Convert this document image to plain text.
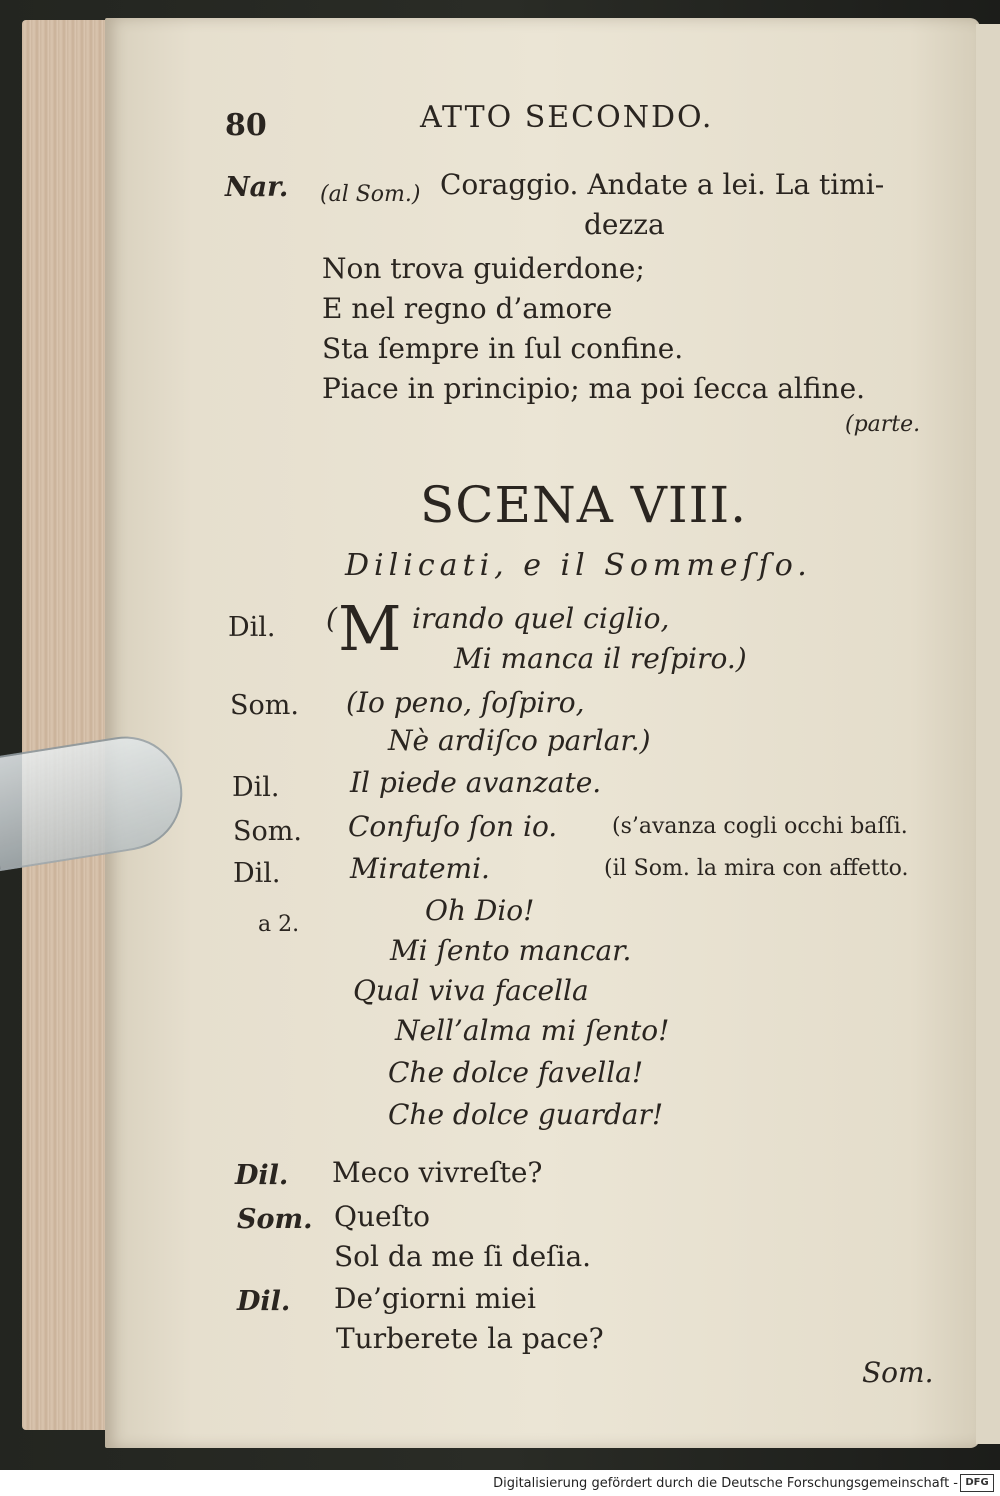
80	ATTO SECONDO.
Nar. (al Som.) Coraggio. Andate a lei. La timi-
dezza
Non trova guiderdone;
E nel regno d’amore
Sta ſempre in ſul confine.
Piace in principio; ma poi ſecca alfine.
(parte.
SCENA VIII.
Dilicati, e il Sommeſſo.
Dil. ( M irando quel ciglio,
Mi manca il reſpiro.)
Som. (Io peno, ſoſpiro,
Nè ardiſco parlar.)
Dil.	Il piede avanzate.
Som. Confuſo ſon io. (s’avanza cogli occhi baſſi.
Dil. Miratemi.	(il Som. la mira con affetto.
a 2.	Oh Dio!
Mi ſento mancar.
Qual viva facella
Nell’alma mi ſento!
Che dolce favella!
Che dolce guardar!
Dil. Meco vivreſte?
Som. Queſto
Sol da me ſi deſia.
Dil. De’giorni miei
Turberete la pace?
Som.
Digitalisierung gefördert durch die Deutsche Forschungsgemeinschaft - DFG
